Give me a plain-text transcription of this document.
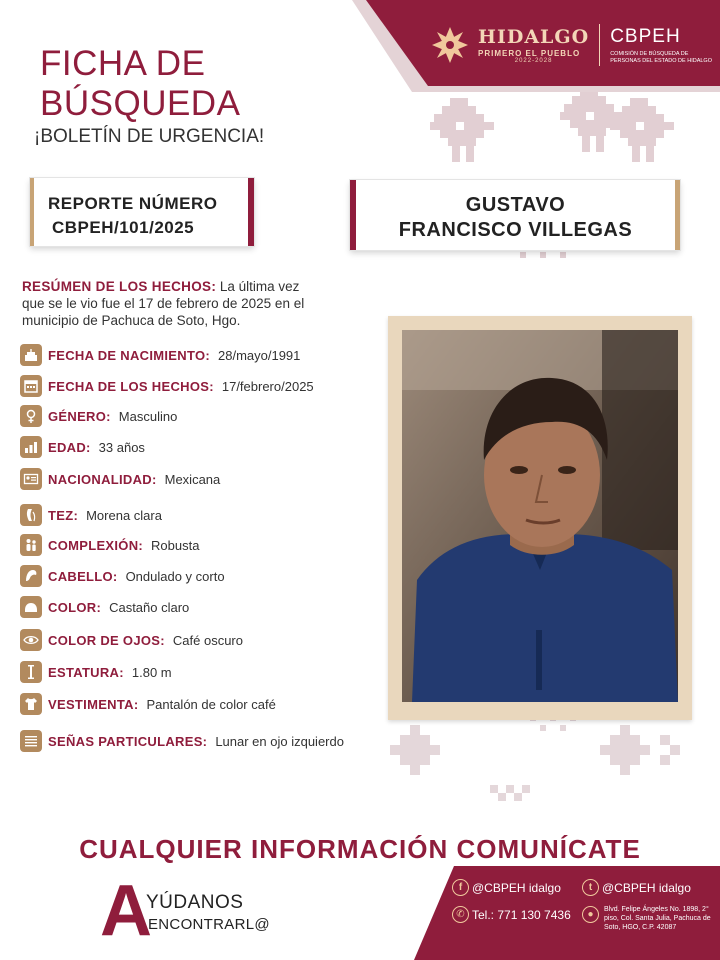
HIDALGO
PRIMERO EL PUEBLO
2022-2028
CBPEH
COMISIÓN DE BÚSQUEDA DE PERSONAS DEL ESTADO DE HIDALGO
FICHA DE
BÚSQUEDA
¡BOLETÍN DE URGENCIA!
REPORTE NÚMERO
CBPEH/101/2025
GUSTAVO
FRANCISCO VILLEGAS
RESÚMEN DE LOS HECHOS: La última vez
que se le vio fue el 17 de febrero de 2025 en el
municipio de Pachuca de Soto, Hgo.
FECHA DE NACIMIENTO: 28/mayo/1991
FECHA DE LOS HECHOS: 17/febrero/2025
GÉNERO: Masculino
EDAD: 33 años
NACIONALIDAD: Mexicana
TEZ: Morena clara
COMPLEXIÓN: Robusta
CABELLO: Ondulado y corto
COLOR: Castaño claro
COLOR DE OJOS: Café oscuro
ESTATURA: 1.80 m
VESTIMENTA: Pantalón de color café
SEÑAS PARTICULARES: Lunar en ojo izquierdo
CUALQUIER INFORMACIÓN COMUNÍCATE
A
YÚDANOS
ENCONTRARL@
f @CBPEH idalgo	t @CBPEH idalgo
✆ Tel.: 771 130 7436	●	Blvd. Felipe Ángeles No. 1898, 2° piso, Col. Santa Julia, Pachuca de Soto, HGO, C.P. 42087
